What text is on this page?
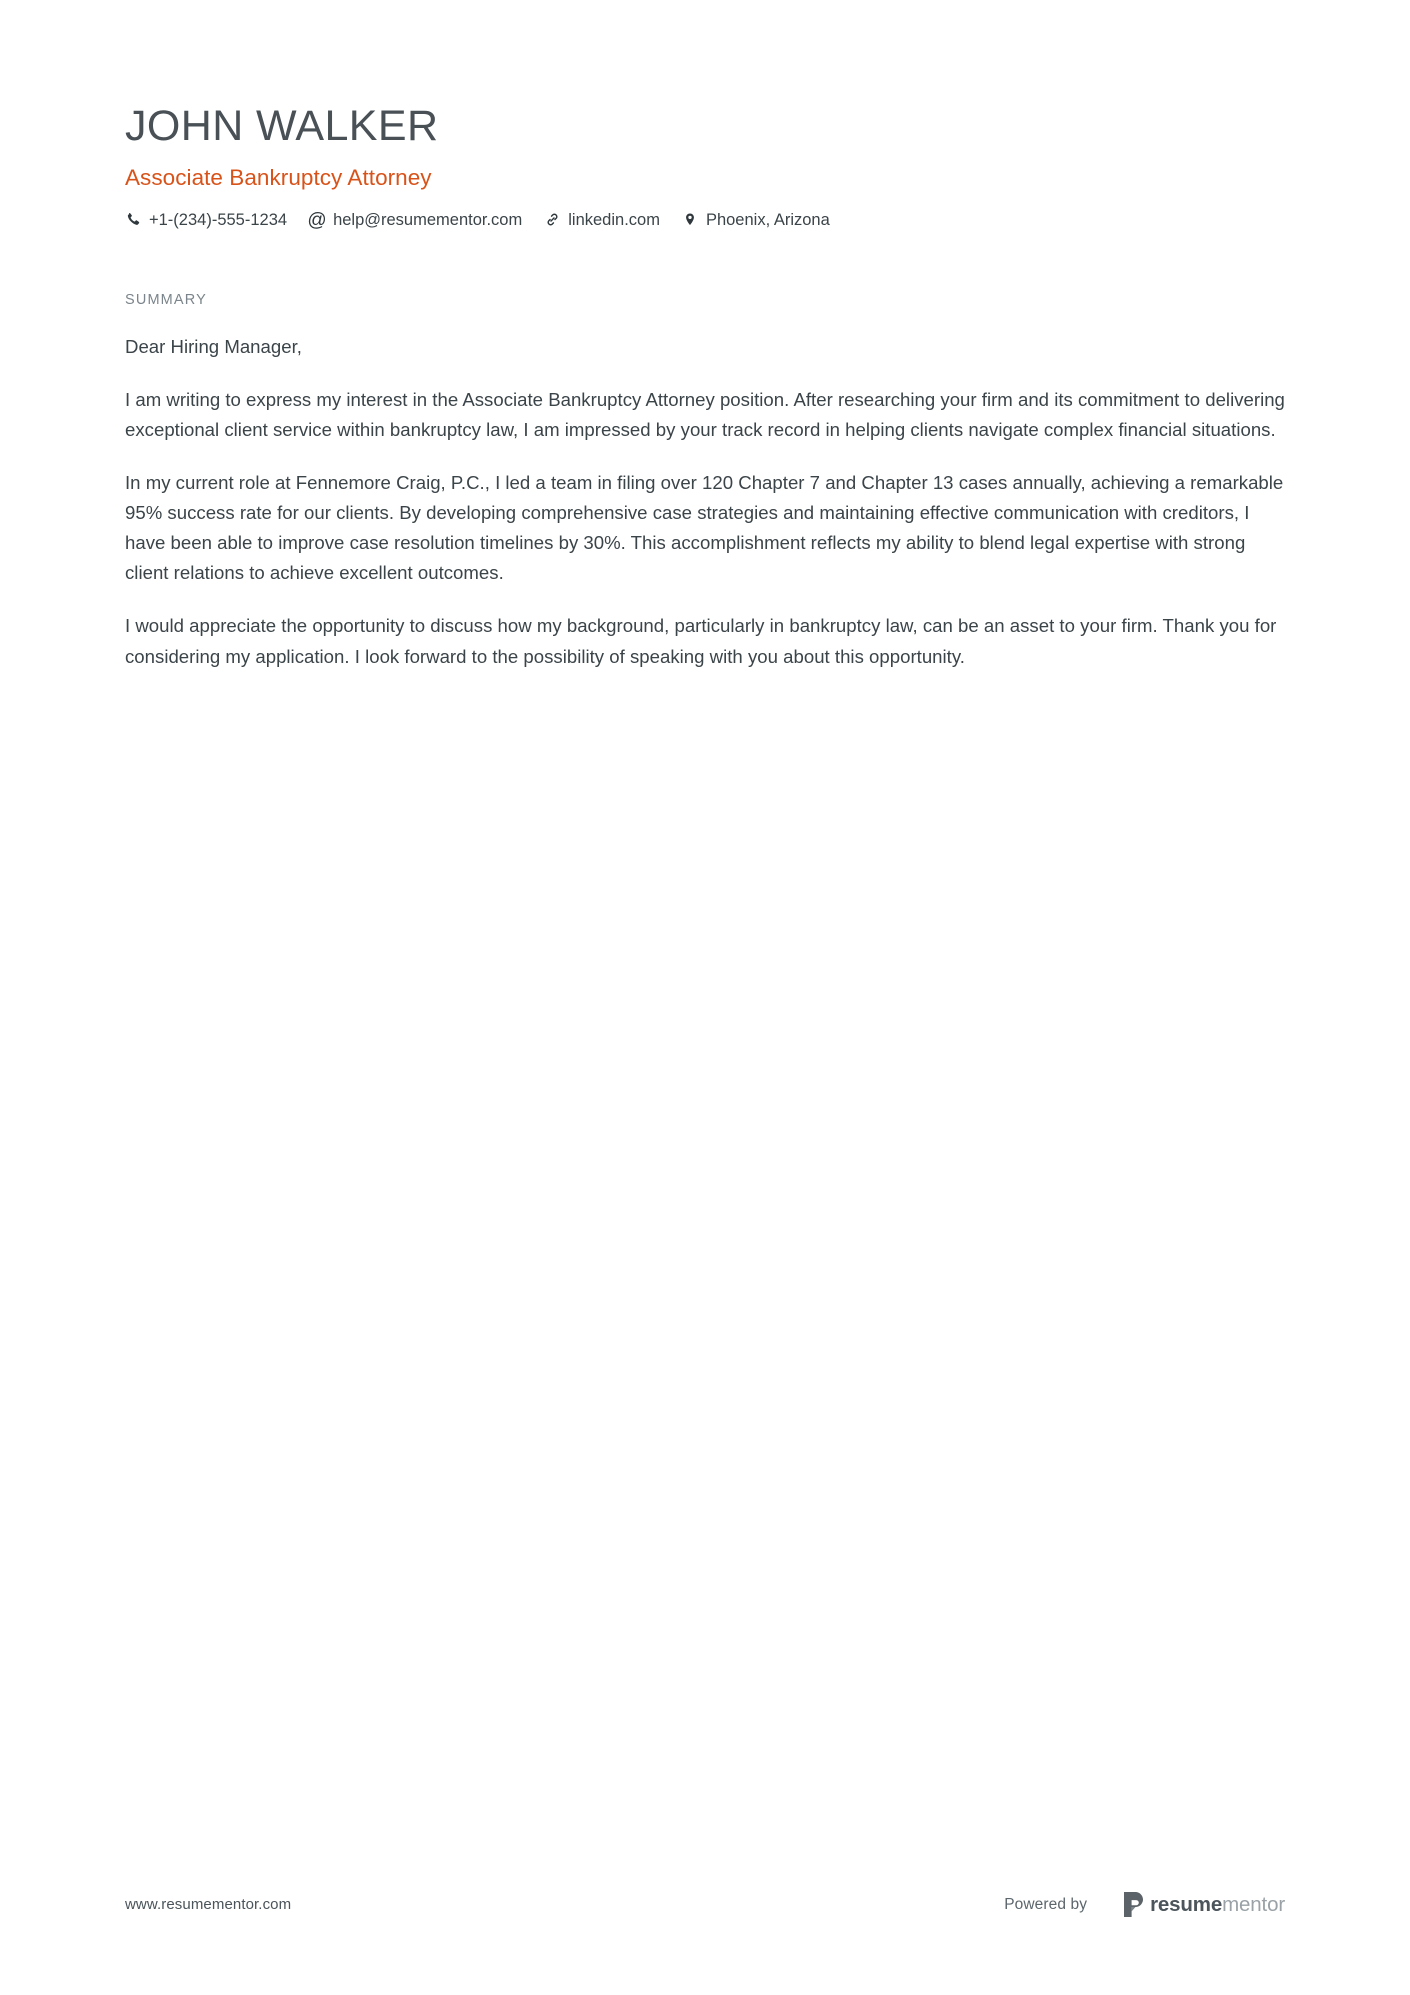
JOHN WALKER
Associate Bankruptcy Attorney
+1-(234)-555-1234 @ help@resumementor.com	linkedin.com	Phoenix, Arizona
SUMMARY

Dear Hiring Manager,

I am writing to express my interest in the Associate Bankruptcy Attorney position. After researching your firm and its commitment to delivering exceptional client service within bankruptcy law, I am impressed by your track record in helping clients navigate complex financial situations.

In my current role at Fennemore Craig, P.C., I led a team in filing over 120 Chapter 7 and Chapter 13 cases annually, achieving a remarkable 95% success rate for our clients. By developing comprehensive case strategies and maintaining effective communication with creditors, I have been able to improve case resolution timelines by 30%. This accomplishment reflects my ability to blend legal expertise with strong client relations to achieve excellent outcomes.

I would appreciate the opportunity to discuss how my background, particularly in bankruptcy law, can be an asset to your firm. Thank you for considering my application. I look forward to the possibility of speaking with you about this opportunity.

www.resumementor.com	Powered by	resumementor
